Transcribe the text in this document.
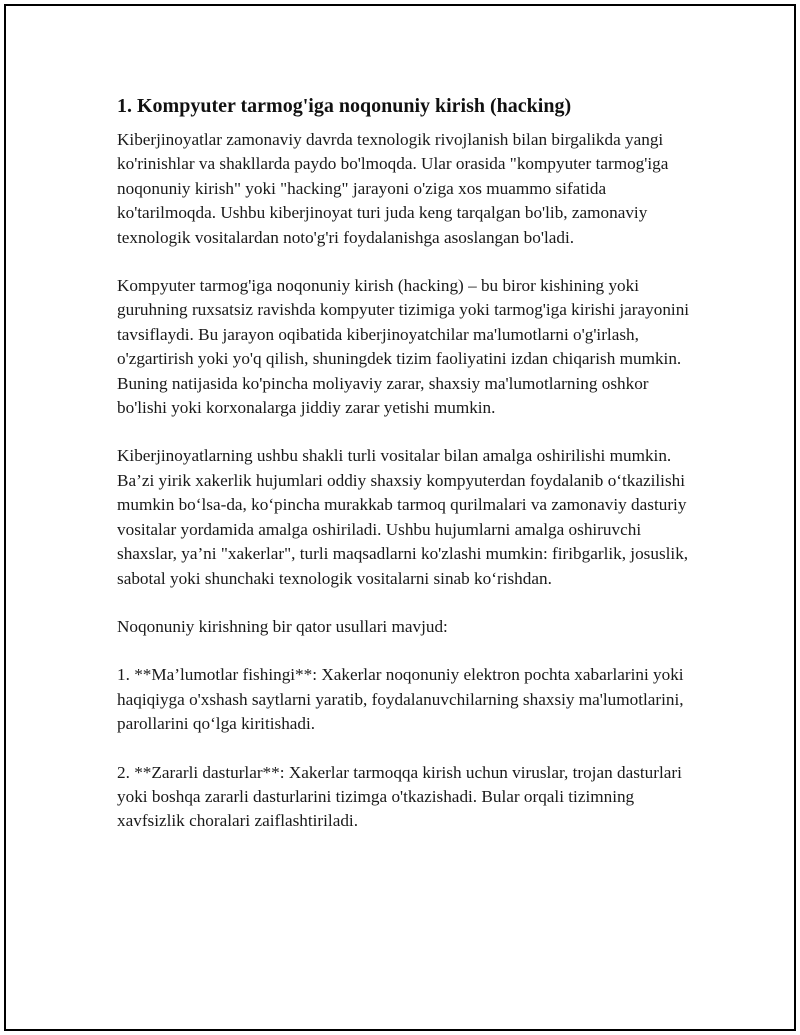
1. Kompyuter tarmog'iga noqonuniy kirish (hacking)

Kiberjinoyatlar zamonaviy davrda texnologik rivojlanish bilan birgalikda yangi ko'rinishlar va shakllarda paydo bo'lmoqda. Ular orasida "kompyuter tarmog'iga noqonuniy kirish" yoki "hacking" jarayoni o'ziga xos muammo sifatida ko'tarilmoqda. Ushbu kiberjinoyat turi juda keng tarqalgan bo'lib, zamonaviy texnologik vositalardan noto'g'ri foydalanishga asoslangan bo'ladi.

Kompyuter tarmog'iga noqonuniy kirish (hacking) – bu biror kishining yoki guruhning ruxsatsiz ravishda kompyuter tizimiga yoki tarmog'iga kirishi jarayonini tavsiflaydi. Bu jarayon oqibatida kiberjinoyatchilar ma'lumotlarni o'g'irlash, o'zgartirish yoki yo'q qilish, shuningdek tizim faoliyatini izdan chiqarish mumkin. Buning natijasida ko'pincha moliyaviy zarar, shaxsiy ma'lumotlarning oshkor bo'lishi yoki korxonalarga jiddiy zarar yetishi mumkin.

Kiberjinoyatlarning ushbu shakli turli vositalar bilan amalga oshirilishi mumkin. Ba’zi yirik xakerlik hujumlari oddiy shaxsiy kompyuterdan foydalanib o‘tkazilishi mumkin bo‘lsa-da, ko‘pincha murakkab tarmoq qurilmalari va zamonaviy dasturiy vositalar yordamida amalga oshiriladi. Ushbu hujumlarni amalga oshiruvchi shaxslar, ya’ni "xakerlar", turli maqsadlarni ko'zlashi mumkin: firibgarlik, josuslik, sabotal yoki shunchaki texnologik vositalarni sinab ko‘rishdan.

Noqonuniy kirishning bir qator usullari mavjud:

1. **Ma’lumotlar fishingi**: Xakerlar noqonuniy elektron pochta xabarlarini yoki haqiqiyga o'xshash saytlarni yaratib, foydalanuvchilarning shaxsiy ma'lumotlarini, parollarini qo‘lga kiritishadi.

2. **Zararli dasturlar**: Xakerlar tarmoqqa kirish uchun viruslar, trojan dasturlari yoki boshqa zararli dasturlarini tizimga o'tkazishadi. Bular orqali tizimning xavfsizlik choralari zaiflashtiriladi.
